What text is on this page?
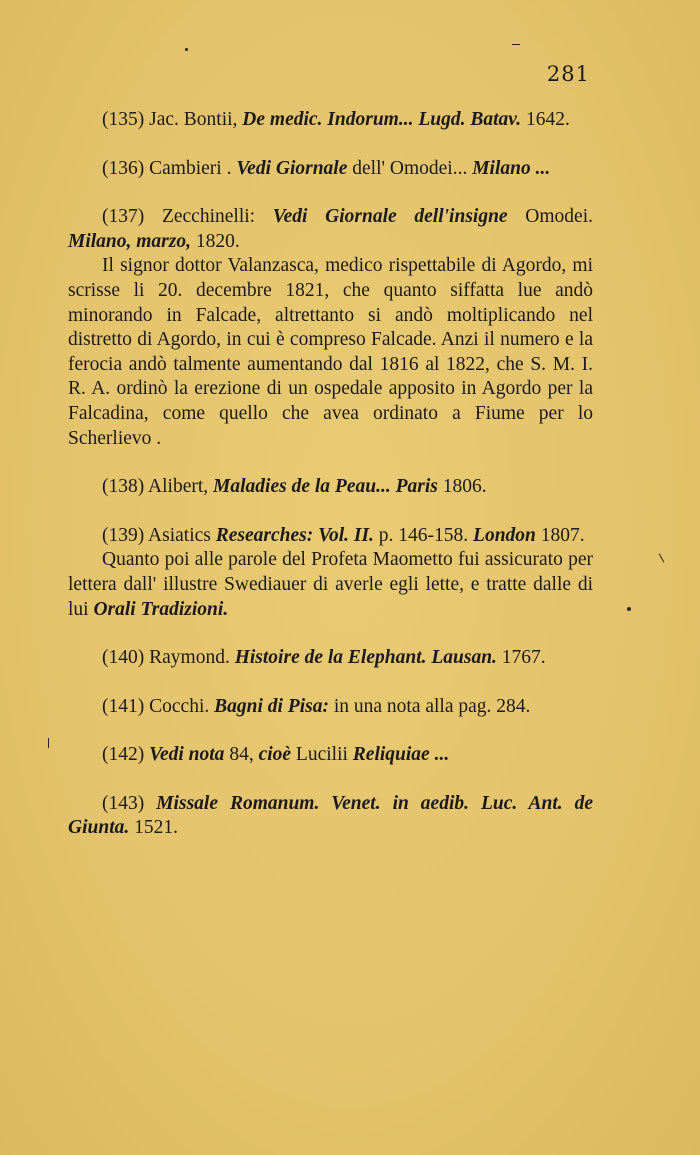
281

(135) Jac. Bontii, De medic. Indorum... Lugd. Batav. 1642.

(136) Cambieri . Vedi Giornale dell' Omodei... Milano ...

(137) Zecchinelli: Vedi Giornale dell'insigne Omodei. Milano, marzo, 1820.

Il signor dottor Valanzasca, medico rispettabile di Agordo, mi scrisse li 20. decembre 1821, che quanto siffatta lue andò minorando in Falcade, altrettanto si andò moltiplicando nel distretto di Agordo, in cui è compreso Falcade. Anzi il numero e la ferocia andò talmente aumentando dal 1816 al 1822, che S. M. I. R. A. ordinò la erezione di un ospedale apposito in Agordo per la Falcadina, come quello che avea ordinato a Fiume per lo Scherlievo .

(138) Alibert, Maladies de la Peau... Paris 1806.

(139) Asiatics Researches: Vol. II. p. 146-158. London 1807.

Quanto poi alle parole del Profeta Maometto fui assicurato per lettera dall' illustre Swediauer di averle egli lette, e tratte dalle di lui Orali Tradizioni.

(140) Raymond. Histoire de la Elephant. Lausan. 1767.

(141) Cocchi. Bagni di Pisa: in una nota alla pag. 284.

(142) Vedi nota 84, cioè Lucilii Reliquiae ...

(143) Missale Romanum. Venet. in aedib. Luc. Ant. de Giunta. 1521.
